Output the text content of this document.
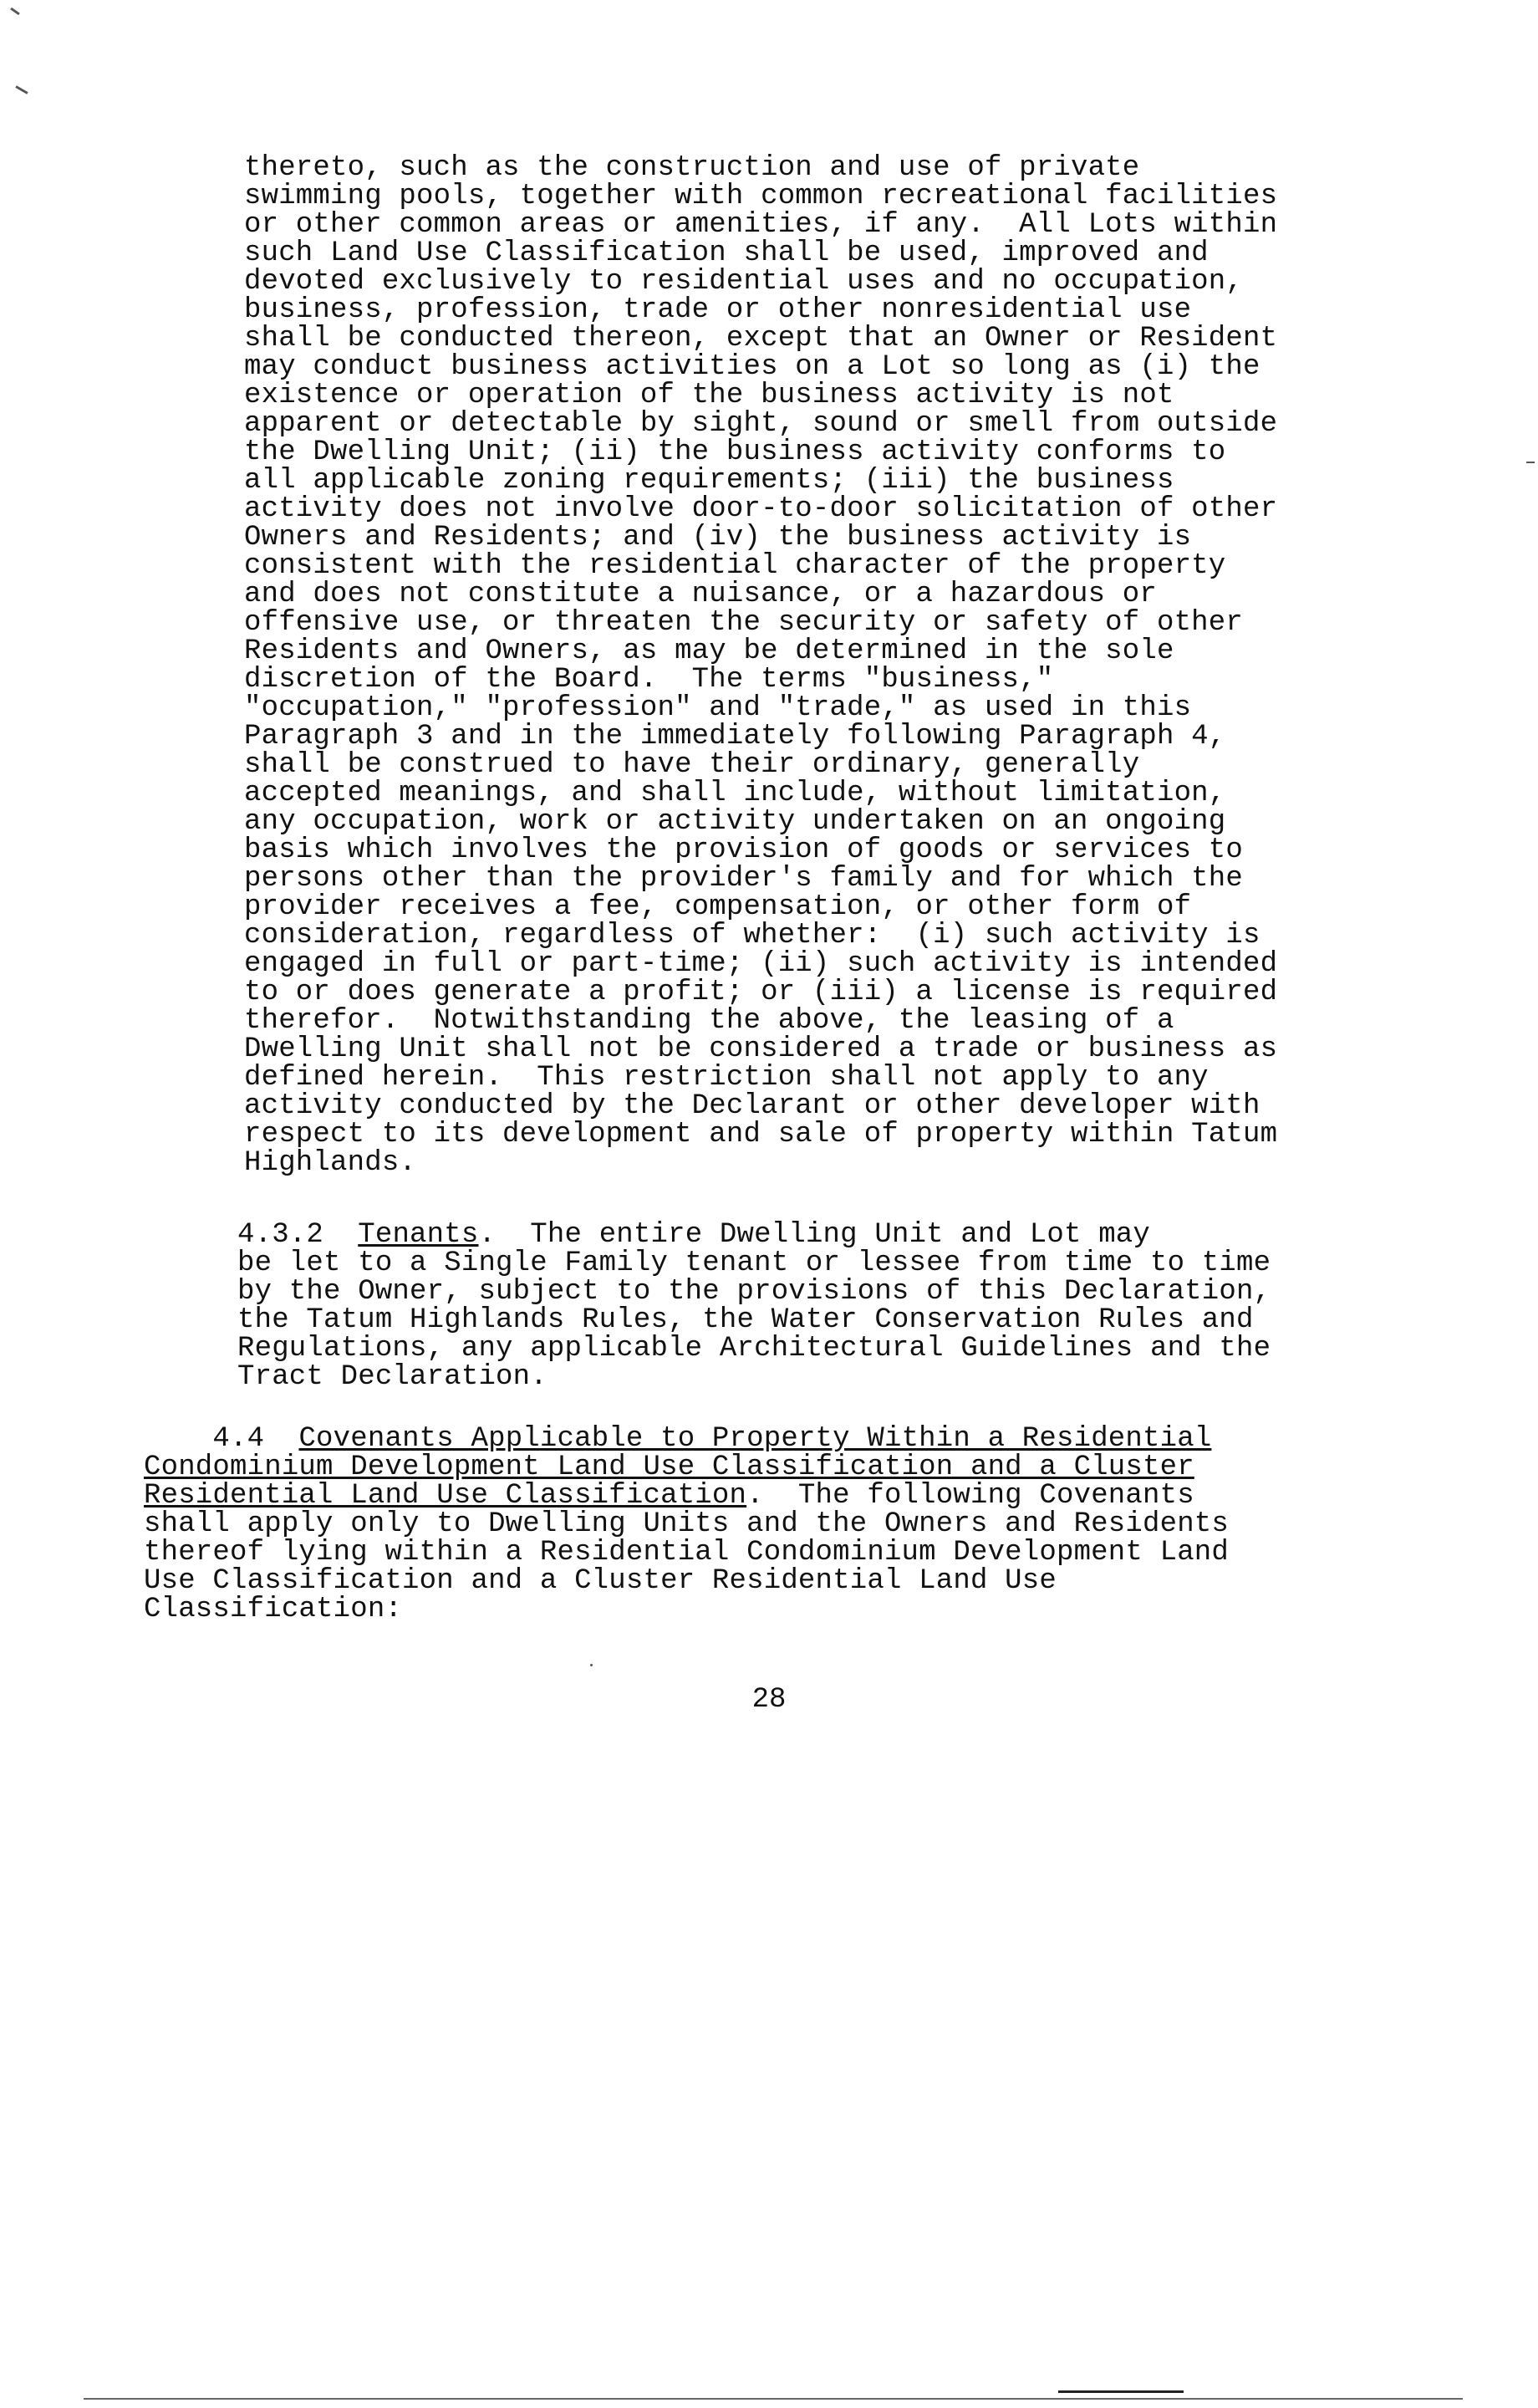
thereto, such as the construction and use of private
swimming pools, together with common recreational facilities
or other common areas or amenities, if any.  All Lots within
such Land Use Classification shall be used, improved and
devoted exclusively to residential uses and no occupation,
business, profession, trade or other nonresidential use
shall be conducted thereon, except that an Owner or Resident
may conduct business activities on a Lot so long as (i) the
existence or operation of the business activity is not
apparent or detectable by sight, sound or smell from outside
the Dwelling Unit; (ii) the business activity conforms to
all applicable zoning requirements; (iii) the business
activity does not involve door-to-door solicitation of other
Owners and Residents; and (iv) the business activity is
consistent with the residential character of the property
and does not constitute a nuisance, or a hazardous or
offensive use, or threaten the security or safety of other
Residents and Owners, as may be determined in the sole
discretion of the Board.  The terms "business,"
"occupation," "profession" and "trade," as used in this
Paragraph 3 and in the immediately following Paragraph 4,
shall be construed to have their ordinary, generally
accepted meanings, and shall include, without limitation,
any occupation, work or activity undertaken on an ongoing
basis which involves the provision of goods or services to
persons other than the provider's family and for which the
provider receives a fee, compensation, or other form of
consideration, regardless of whether:  (i) such activity is
engaged in full or part-time; (ii) such activity is intended
to or does generate a profit; or (iii) a license is required
therefor.  Notwithstanding the above, the leasing of a
Dwelling Unit shall not be considered a trade or business as
defined herein.  This restriction shall not apply to any
activity conducted by the Declarant or other developer with
respect to its development and sale of property within Tatum
Highlands.
4.3.2 Tenants.  The entire Dwelling Unit and Lot may
be let to a Single Family tenant or lessee from time to time
by the Owner, subject to the provisions of this Declaration,
the Tatum Highlands Rules, the Water Conservation Rules and
Regulations, any applicable Architectural Guidelines and the
Tract Declaration.
4.4 Covenants Applicable to Property Within a Residential
Condominium Development Land Use Classification and a Cluster
Residential Land Use Classification.  The following Covenants
shall apply only to Dwelling Units and the Owners and Residents
thereof lying within a Residential Condominium Development Land
Use Classification and a Cluster Residential Land Use
Classification:
28
